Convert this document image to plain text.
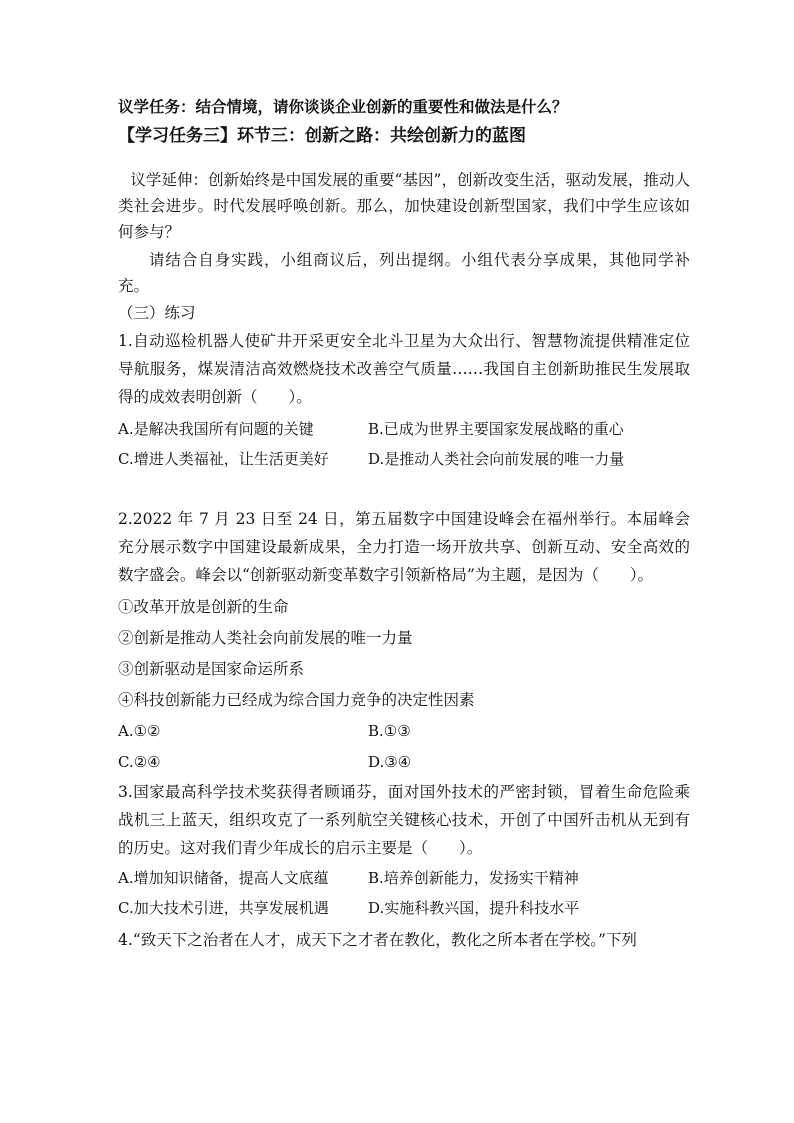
议学任务：结合情境，请你谈谈企业创新的重要性和做法是什么？
【学习任务三】环节三：创新之路：共绘创新力的蓝图
议学延伸：创新始终是中国发展的重要“基因”，创新改变生活，驱动发展，推动人类社会进步。时代发展呼唤创新。那么，加快建设创新型国家，我们中学生应该如何参与？
请结合自身实践，小组商议后，列出提纲。小组代表分享成果，其他同学补充。
（三）练习
1.自动巡检机器人使矿井开采更安全北斗卫星为大众出行、智慧物流提供精准定位导航服务，煤炭清洁高效燃烧技术改善空气质量……我国自主创新助推民生发展取得的成效表明创新（　　）。
A.是解决我国所有问题的关键	B.已成为世界主要国家发展战略的重心
C.增进人类福祉，让生活更美好	D.是推动人类社会向前发展的唯一力量
2.2022 年 7 月 23 日至 24 日，第五届数字中国建设峰会在福州举行。本届峰会充分展示数字中国建设最新成果，全力打造一场开放共享、创新互动、安全高效的数字盛会。峰会以“创新驱动新变革数字引领新格局”为主题，是因为（　　）。
①改革开放是创新的生命
②创新是推动人类社会向前发展的唯一力量
③创新驱动是国家命运所系
④科技创新能力已经成为综合国力竞争的决定性因素
A.①②	B.①③
C.②④	D.③④
3.国家最高科学技术奖获得者顾诵芬，面对国外技术的严密封锁，冒着生命危险乘战机三上蓝天，组织攻克了一系列航空关键核心技术，开创了中国歼击机从无到有的历史。这对我们青少年成长的启示主要是（　　）。
A.增加知识储备，提高人文底蕴	B.培养创新能力，发扬实干精神
C.加大技术引进，共享发展机遇	D.实施科教兴国，提升科技水平
4.“致天下之治者在人才，成天下之才者在教化，教化之所本者在学校。”下列
